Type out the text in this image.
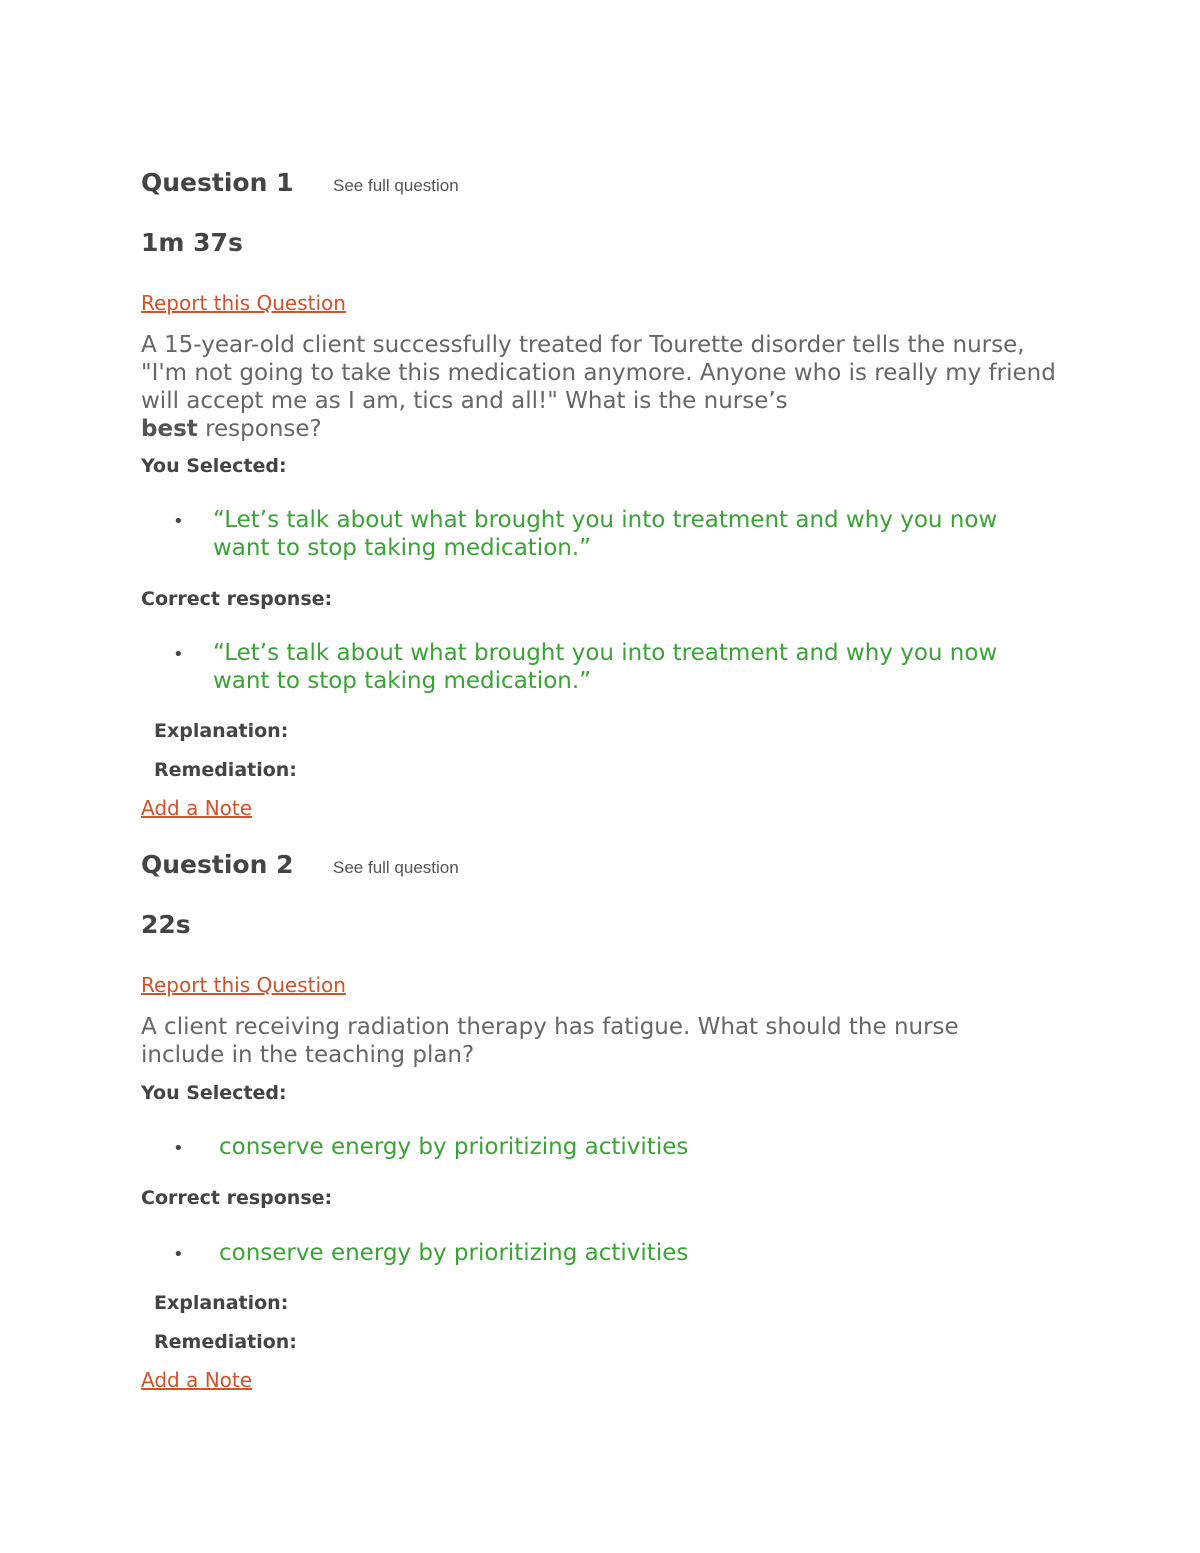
Question 1	See full question
1m 37s
Report this Question
A 15-year-old client successfully treated for Tourette disorder tells the nurse, "I'm not going to take this medication anymore. Anyone who is really my friend will accept me as I am, tics and all!" What is the nurse’s
best response?
You Selected:
•	“Let’s talk about what brought you into treatment and why you now want to stop taking medication.”
Correct response:
•	“Let’s talk about what brought you into treatment and why you now want to stop taking medication.”
Explanation:
Remediation:
Add a Note
Question 2	See full question
22s
Report this Question
A client receiving radiation therapy has fatigue. What should the nurse include in the teaching plan?
You Selected:
•	conserve energy by prioritizing activities
Correct response:
•	conserve energy by prioritizing activities
Explanation:
Remediation:
Add a Note
